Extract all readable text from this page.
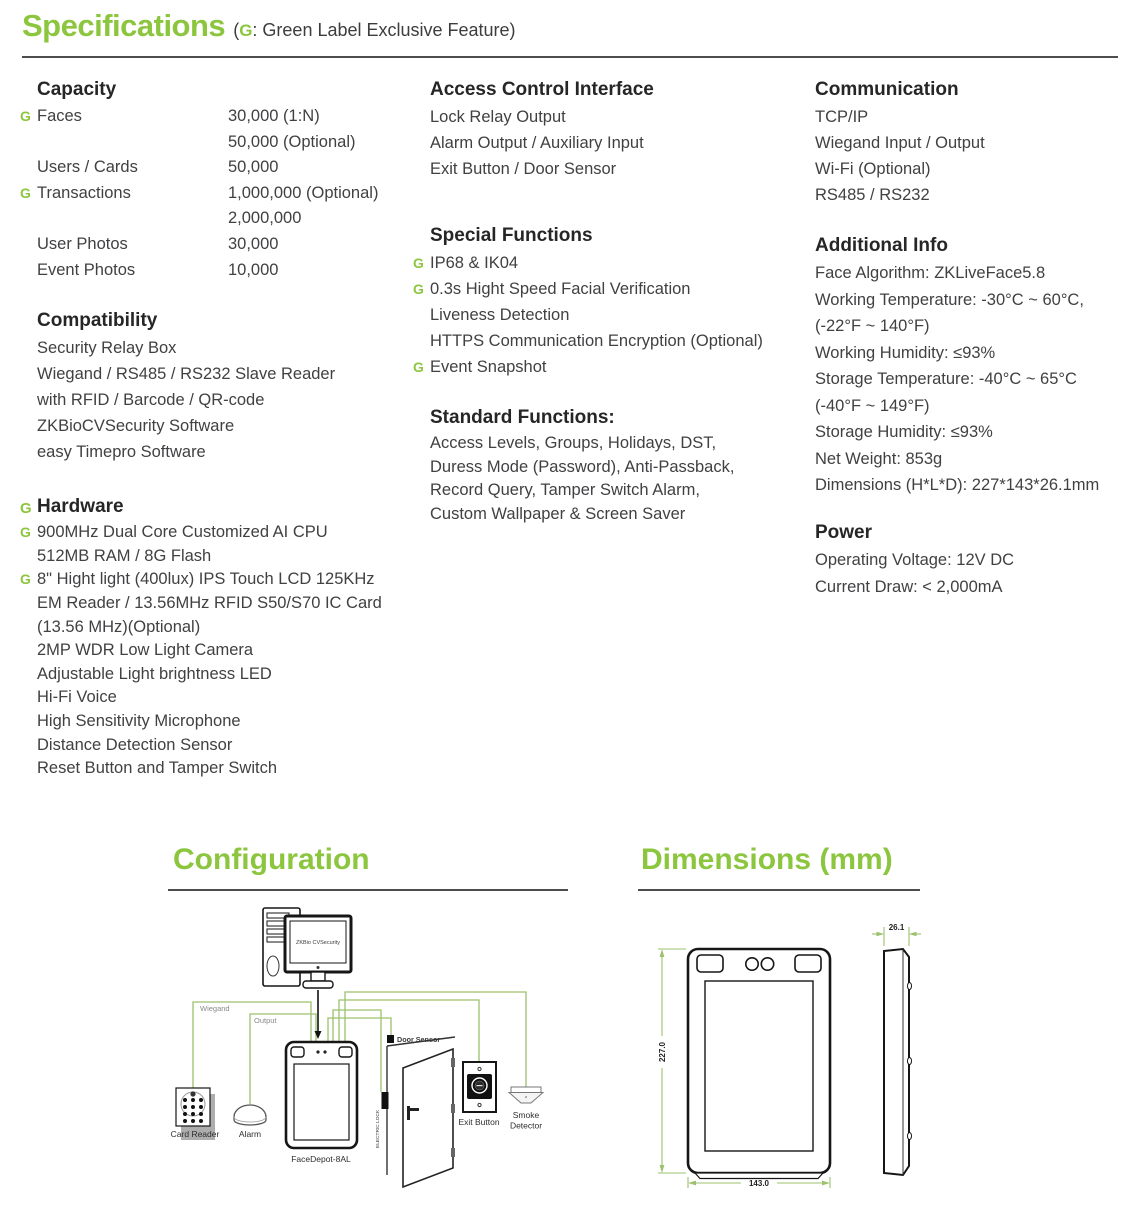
Specifications (G: Green Label Exclusive Feature)
Capacity
G Faces	30,000 (1:N)
50,000 (Optional)
Users / Cards	50,000
G Transactions	1,000,000 (Optional)
2,000,000
User Photos	30,000
Event Photos	10,000
Compatibility
Security Relay Box
Wiegand / RS485 / RS232 Slave Reader
with RFID / Barcode / QR-code
ZKBioCVSecurity Software
easy Timepro Software
G Hardware
G 900MHz Dual Core Customized AI CPU
512MB RAM / 8G Flash
G 8" Hight light (400lux) IPS Touch LCD 125KHz
EM Reader / 13.56MHz RFID S50/S70 IC Card
(13.56 MHz)(Optional)
2MP WDR Low Light Camera
Adjustable Light brightness LED
Hi-Fi Voice
High Sensitivity Microphone
Distance Detection Sensor
Reset Button and Tamper Switch
Access Control Interface
Lock Relay Output
Alarm Output / Auxiliary Input
Exit Button / Door Sensor
Special Functions
G IP68 & IK04
G 0.3s Hight Speed Facial Verification
Liveness Detection
HTTPS Communication Encryption (Optional)
G Event Snapshot
Standard Functions:
Access Levels, Groups, Holidays, DST,
Duress Mode (Password), Anti-Passback,
Record Query, Tamper Switch Alarm,
Custom Wallpaper & Screen Saver
Communication
TCP/IP
Wiegand Input / Output
Wi-Fi (Optional)
RS485 / RS232
Additional Info
Face Algorithm: ZKLiveFace5.8
Working Temperature: -30°C ~ 60°C,
(-22°F ~ 140°F)
Working Humidity: ≤93%
Storage Temperature: -40°C ~ 65°C
(-40°F ~ 149°F)
Storage Humidity: ≤93%
Net Weight: 853g
Dimensions (H*L*D): 227*143*26.1mm
Power
Operating Voltage: 12V DC
Current Draw: < 2,000mA
Configuration	Dimensions (mm)
Wiegand
Output
ZKBio CVSecurity
FaceDepot-8AL
Card Reader Alarm
Door Sensor
ELECTRIC LOCK	Exit Button
Smoke
Detector
227.0
143.0
26.1
